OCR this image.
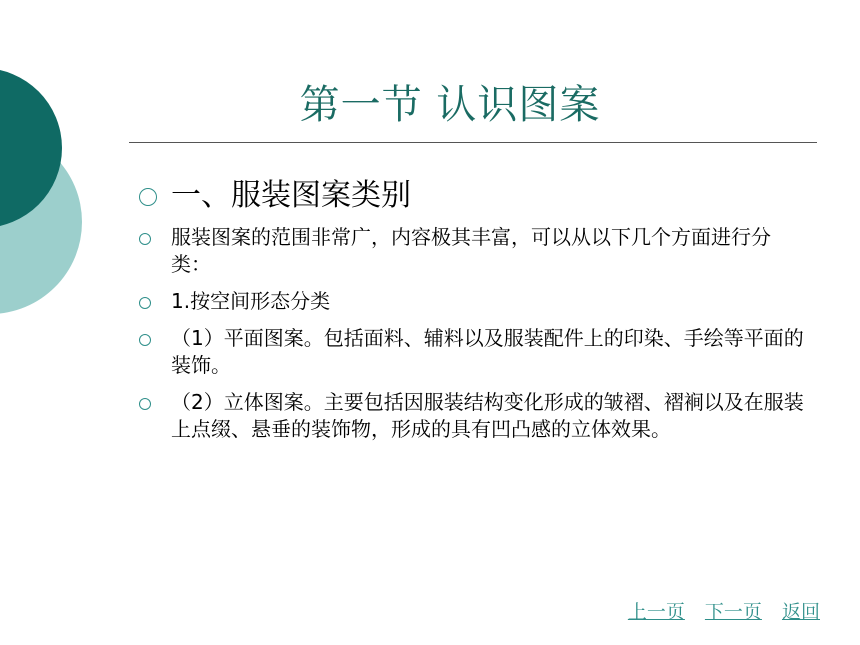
第一节 认识图案
一、服装图案类别
服装图案的范围非常广，内容极其丰富，可以从以下几个方面进行分类：
1.按空间形态分类
（1）平面图案。包括面料、辅料以及服装配件上的印染、手绘等平面的装饰。
（2）立体图案。主要包括因服装结构变化形成的皱褶、褶裥以及在服装上点缀、悬垂的装饰物，形成的具有凹凸感的立体效果。
上一页 下一页 返回
